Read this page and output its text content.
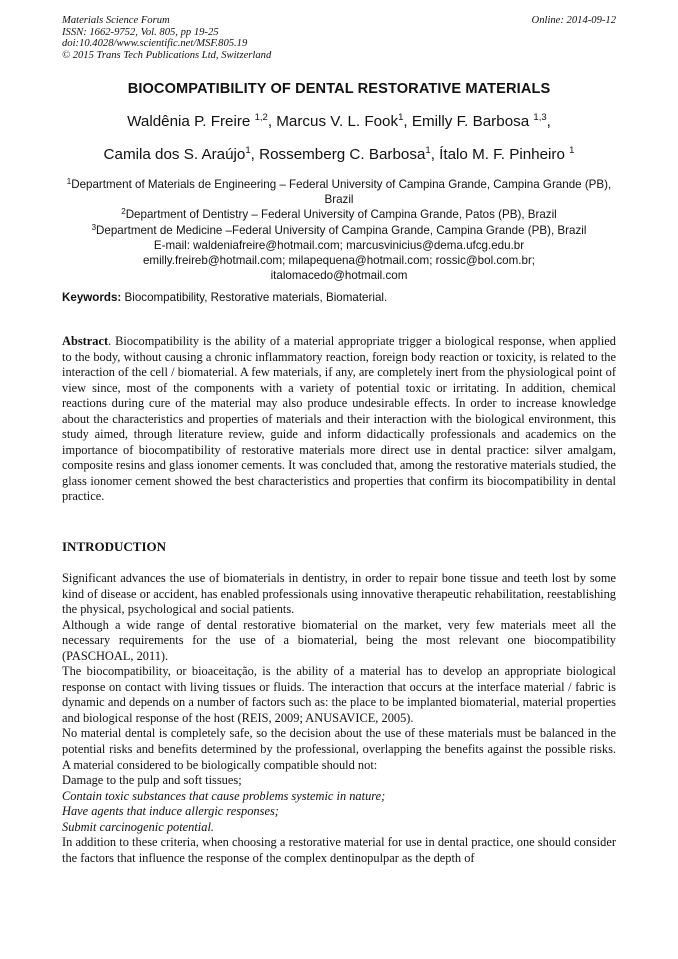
Materials Science Forum
ISSN: 1662-9752, Vol. 805, pp 19-25
doi:10.4028/www.scientific.net/MSF.805.19
© 2015 Trans Tech Publications Ltd, Switzerland
Online: 2014-09-12
BIOCOMPATIBILITY OF DENTAL RESTORATIVE MATERIALS
Waldênia P. Freire $^{1,2}$, Marcus V. L. Fook$^1$, Emilly F. Barbosa $^{1,3}$,
Camila dos S. Araújo$^1$, Rossemberg C. Barbosa$^1$, Ítalo M. F. Pinheiro $^1$
$^1$Department of Materials de Engineering – Federal University of Campina Grande, Campina Grande (PB), Brazil
$^2$Department of Dentistry – Federal University of Campina Grande, Patos (PB), Brazil
$^3$Department de Medicine –Federal University of Campina Grande, Campina Grande (PB), Brazil
E-mail: waldeniafreire@hotmail.com; marcusvinicius@dema.ufcg.edu.br emilly.freireb@hotmail.com; milapequena@hotmail.com; rossic@bol.com.br; italomacedo@hotmail.com
Keywords: Biocompatibility, Restorative materials, Biomaterial.
Abstract. Biocompatibility is the ability of a material appropriate trigger a biological response, when applied to the body, without causing a chronic inflammatory reaction, foreign body reaction or toxicity, is related to the interaction of the cell / biomaterial. A few materials, if any, are completely inert from the physiological point of view since, most of the components with a variety of potential toxic or irritating. In addition, chemical reactions during cure of the material may also produce undesirable effects. In order to increase knowledge about the characteristics and properties of materials and their interaction with the biological environment, this study aimed, through literature review, guide and inform didactically professionals and academics on the importance of biocompatibility of restorative materials more direct use in dental practice: silver amalgam, composite resins and glass ionomer cements. It was concluded that, among the restorative materials studied, the glass ionomer cement showed the best characteristics and properties that confirm its biocompatibility in dental practice.
INTRODUCTION

Significant advances the use of biomaterials in dentistry, in order to repair bone tissue and teeth lost by some kind of disease or accident, has enabled professionals using innovative therapeutic rehabilitation, reestablishing the physical, psychological and social patients.

Although a wide range of dental restorative biomaterial on the market, very few materials meet all the necessary requirements for the use of a biomaterial, being the most relevant one biocompatibility (PASCHOAL, 2011).

The biocompatibility, or bioaceitação, is the ability of a material has to develop an appropriate biological response on contact with living tissues or fluids. The interaction that occurs at the interface material / fabric is dynamic and depends on a number of factors such as: the place to be implanted biomaterial, material properties and biological response of the host (REIS, 2009; ANUSAVICE, 2005).

No material dental is completely safe, so the decision about the use of these materials must be balanced in the potential risks and benefits determined by the professional, overlapping the benefits against the possible risks. A material considered to be biologically compatible should not:

Damage to the pulp and soft tissues;

Contain toxic substances that cause problems systemic in nature;

Have agents that induce allergic responses;

Submit carcinogenic potential.

In addition to these criteria, when choosing a restorative material for use in dental practice, one should consider the factors that influence the response of the complex dentinopulpar as the depth of
